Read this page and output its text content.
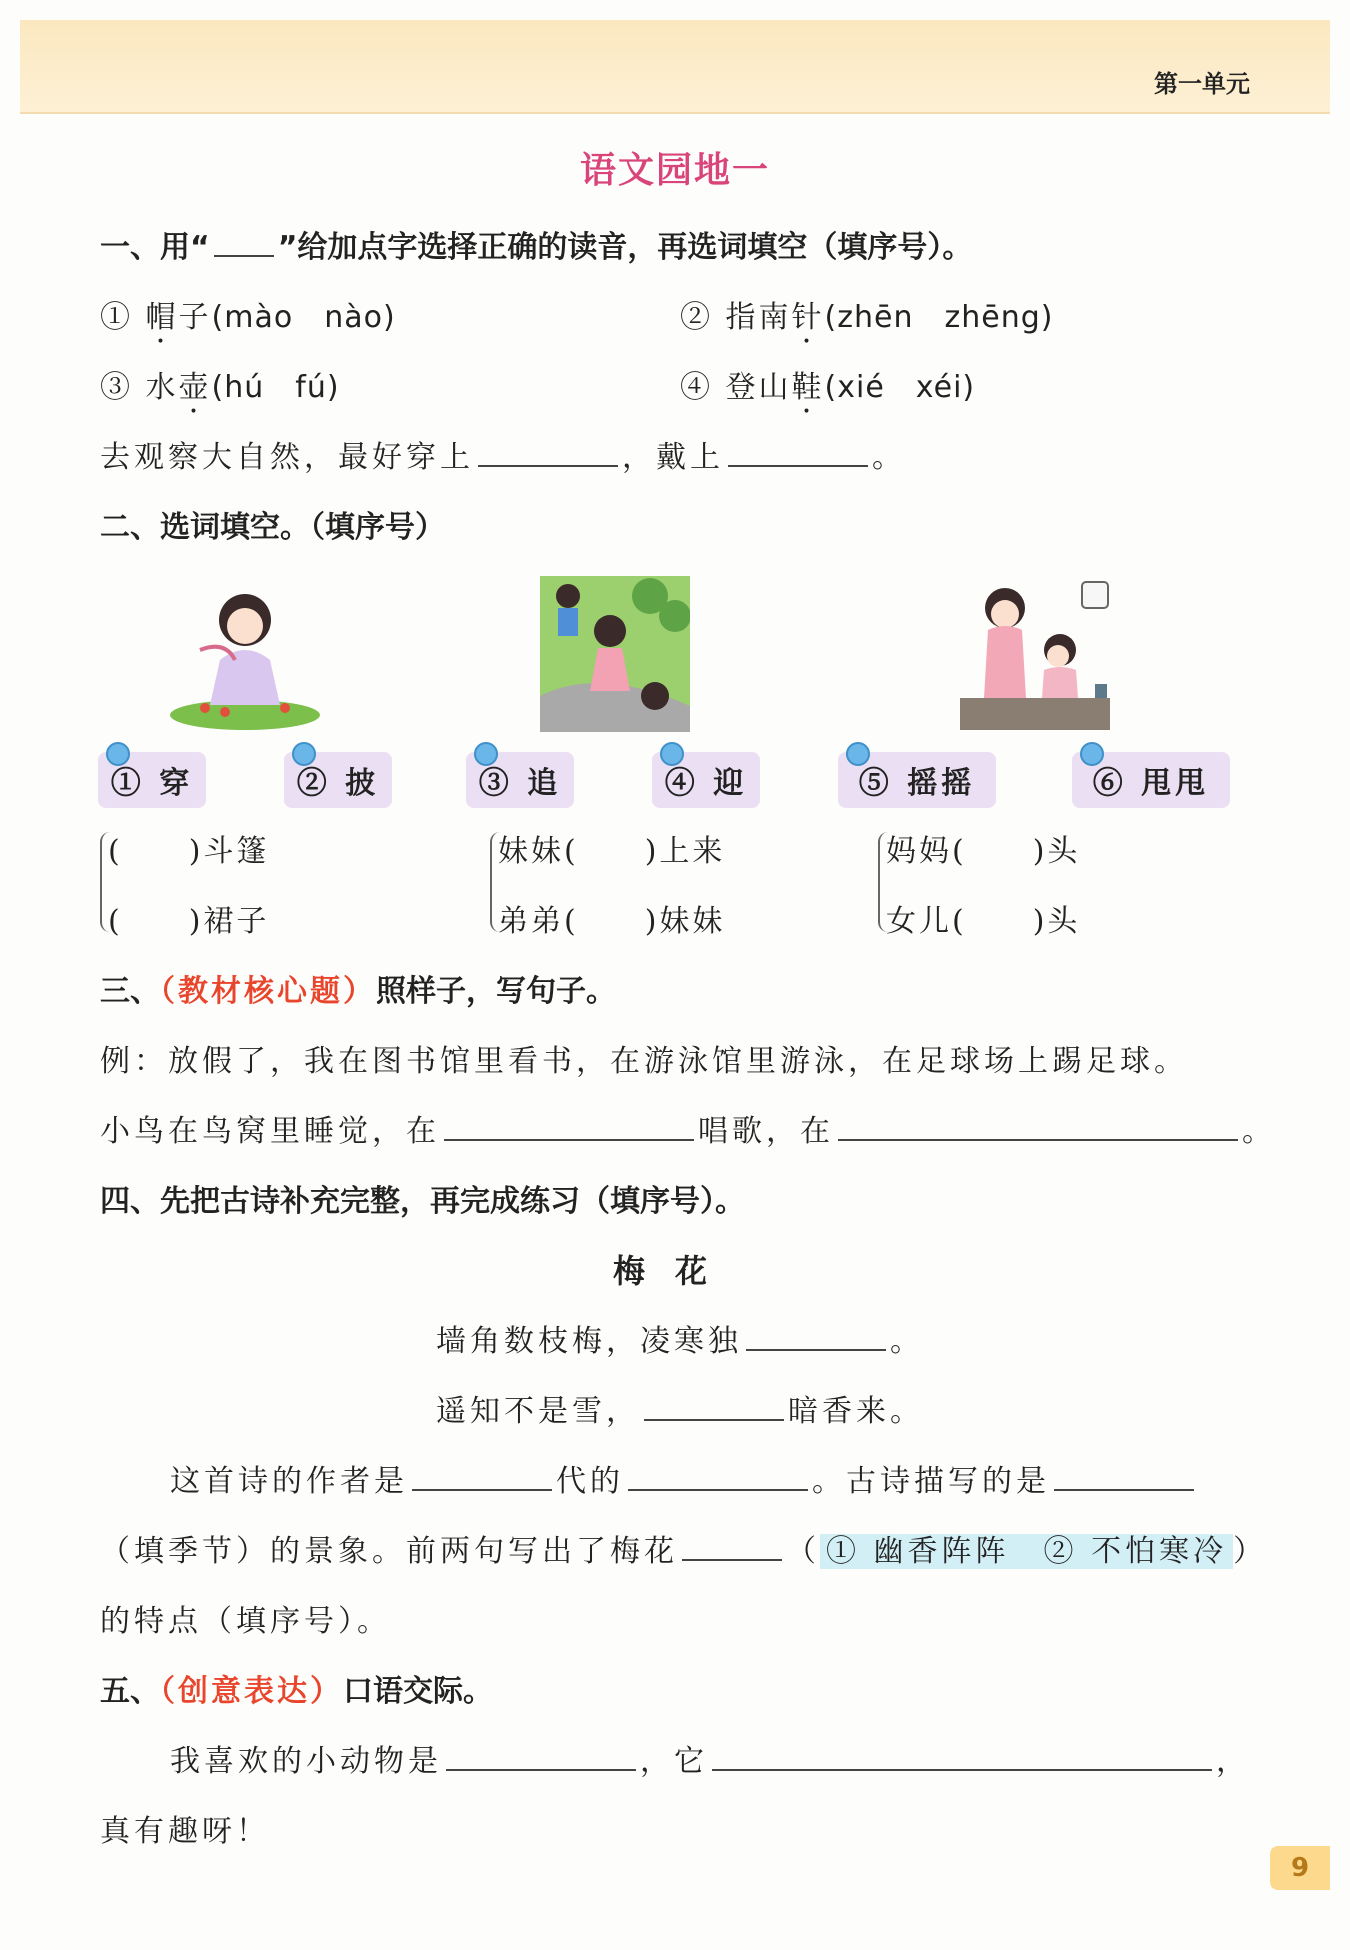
第一单元
语文园地一
一、用“ ”给加点字选择正确的读音，再选词填空（填序号）。
① 帽子(mào　nào)	② 指南针(zhēn　zhēng)
③ 水壶(hú　fú)	④ 登山鞋(xié　xéi)
去观察大自然，最好穿上	，戴上	。
二、选词填空。（填序号）
① 穿	② 披	③ 追	④ 迎	⑤ 摇摇	⑥ 甩甩
(　　)斗篷
(　　)裙子
妹妹(　　)上来
弟弟(　　)妹妹
妈妈(　　)头
女儿(　　)头
三、（教材核心题）照样子，写句子。
例：放假了，我在图书馆里看书，在游泳馆里游泳，在足球场上踢足球。
小鸟在鸟窝里睡觉，在	唱歌，在	。
四、先把古诗补充完整，再完成练习（填序号）。
梅花
墙角数枝梅，凌寒独	。
遥知不是雪，	暗香来。
这首诗的作者是	代的	。古诗描写的是
（填季节）的景象。前两句写出了梅花	（ ① 幽香阵阵　 ② 不怕寒冷 ）
的特点（填序号）。
五、（创意表达）口语交际。
我喜欢的小动物是	，它	，
真有趣呀！
9
